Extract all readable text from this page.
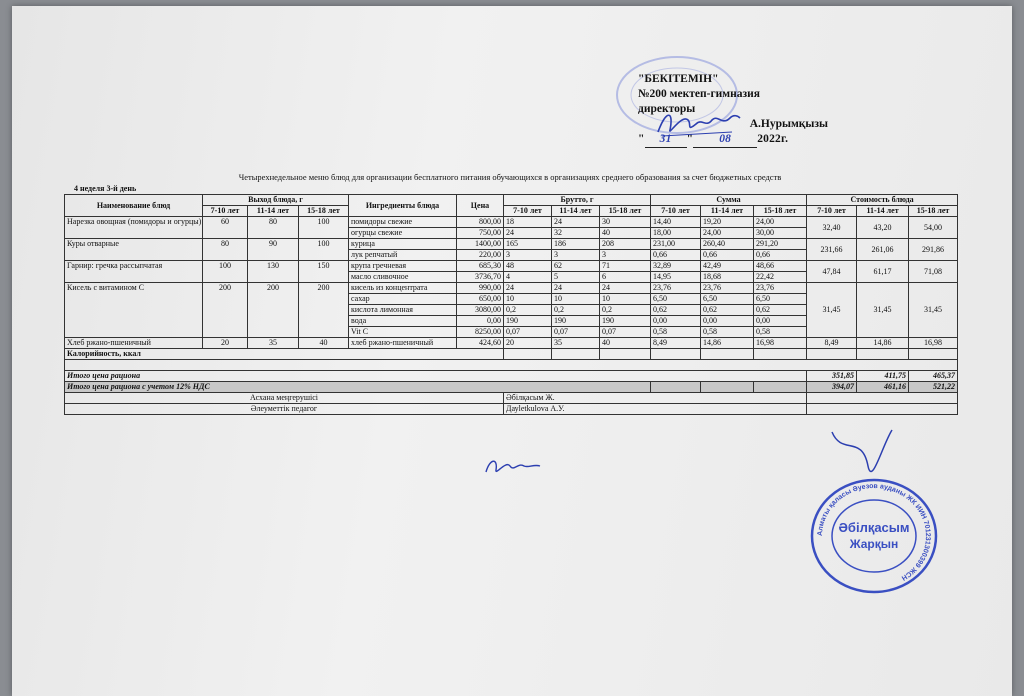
"БЕКІТЕМІН"
№200 мектеп-гимназия
директоры
А.Нурымқызы
" 31 " 08 2022г.
Четырехнедельное меню блюд для организации бесплатного питания обучающихся в организациях среднего образования за счет бюджетных средств
4 неделя 3-й день
Наименование блюд	Выход блюда, г			Ингредиенты блюда	Цена	Брутто, г			Сумма			Стоимость блюда		
	7-10 лет	11-14 лет	15-18 лет			7-10 лет	11-14 лет	15-18 лет	7-10 лет	11-14 лет	15-18 лет	7-10 лет	11-14 лет	15-18 лет
Нарезка овощная (помидоры и огурцы)	60	80	100	помидоры свежие	800,00	18	24	30	14,40	19,20	24,00	32,40	43,20	54,00
				огурцы свежие	750,00	24	32	40	18,00	24,00	30,00			
Куры отварные	80	90	100	курица	1400,00	165	186	208	231,00	260,40	291,20	231,66	261,06	291,86
				лук репчатый	220,00	3	3	3	0,66	0,66	0,66			
Гарнир: гречка рассыпчатая	100	130	150	крупа гречневая	685,30	48	62	71	32,89	42,49	48,66	47,84	61,17	71,08
				масло сливочное	3736,70	4	5	6	14,95	18,68	22,42			
Кисель с витамином С	200	200	200	кисель из концентрата	990,00	24	24	24	23,76	23,76	23,76	31,45	31,45	31,45
				сахар	650,00	10	10	10	6,50	6,50	6,50			
				кислота лимонная	3080,00	0,2	0,2	0,2	0,62	0,62	0,62			
				вода	0,00	190	190	190	0,00	0,00	0,00			
				Vit C	8250,00	0,07	0,07	0,07	0,58	0,58	0,58			
Хлеб ржано-пшеничный	20	35	40	хлеб ржано-пшеничный	424,60	20	35	40	8,49	14,86	16,98	8,49	14,86	16,98
Калорийность, ккал														

Итого цена рациона												351,85	411,75	465,37
Итого цена рациона с учетом 12% НДС												394,07	461,16	521,22
Асхана меңгерушісі						Әбілқасым Ж.								
Әлеуметтік педагог						Дауletkulova А.У.								
Алматы қаласы Әуезов ауданы ЖК ИИН 701231300399 ЖСН
Әбілқасым
Жарқын
